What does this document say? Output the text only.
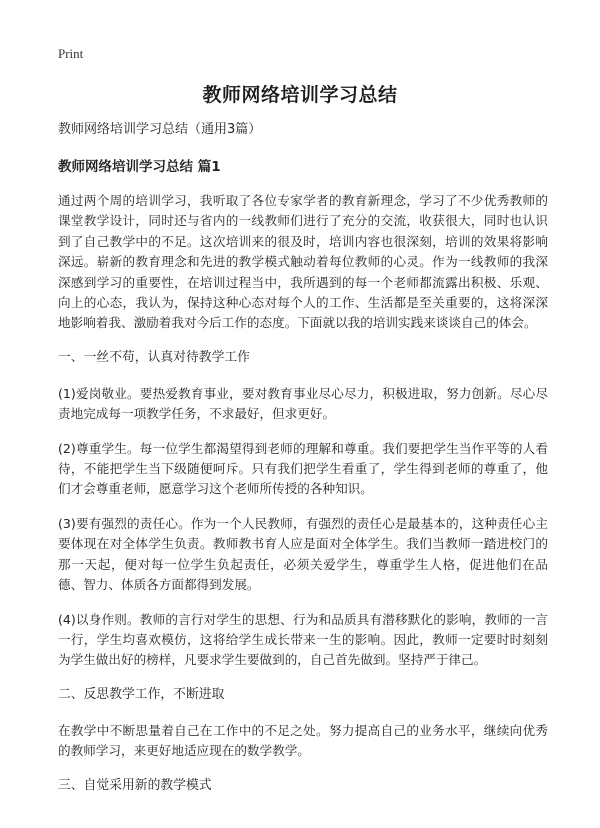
Print
教师网络培训学习总结

教师网络培训学习总结（通用3篇）

教师网络培训学习总结 篇1

通过两个周的培训学习，我听取了各位专家学者的教育新理念，学习了不少优秀教师的课堂教学设计，同时还与省内的一线教师们进行了充分的交流，收获很大，同时也认识到了自己教学中的不足。这次培训来的很及时，培训内容也很深刻，培训的效果将影响深远。崭新的教育理念和先进的教学模式触动着每位教师的心灵。作为一线教师的我深深感到学习的重要性，在培训过程当中，我所遇到的每一个老师都流露出积极、乐观、向上的心态，我认为，保持这种心态对每个人的工作、生活都是至关重要的，这将深深地影响着我、激励着我对今后工作的态度。下面就以我的培训实践来谈谈自己的体会。

一、一丝不苟，认真对待教学工作

(1)爱岗敬业。要热爱教育事业，要对教育事业尽心尽力，积极进取，努力创新。尽心尽责地完成每一项教学任务，不求最好，但求更好。

(2)尊重学生。每一位学生都渴望得到老师的理解和尊重。我们要把学生当作平等的人看待，不能把学生当下级随便呵斥。只有我们把学生看重了，学生得到老师的尊重了，他们才会尊重老师，愿意学习这个老师所传授的各种知识。

(3)要有强烈的责任心。作为一个人民教师，有强烈的责任心是最基本的，这种责任心主要体现在对全体学生负责。教师教书育人应是面对全体学生。我们当教师一踏进校门的那一天起，便对每一位学生负起责任，必须关爱学生，尊重学生人格，促进他们在品德、智力、体质各方面都得到发展。

(4)以身作则。教师的言行对学生的思想、行为和品质具有潜移默化的影响，教师的一言一行，学生均喜欢模仿，这将给学生成长带来一生的影响。因此，教师一定要时时刻刻为学生做出好的榜样，凡要求学生要做到的，自己首先做到。坚持严于律己。

二、反思教学工作，不断进取

在教学中不断思量着自己在工作中的不足之处。努力提高自己的业务水平，继续向优秀的教师学习，来更好地适应现在的数学教学。

三、自觉采用新的教学模式
